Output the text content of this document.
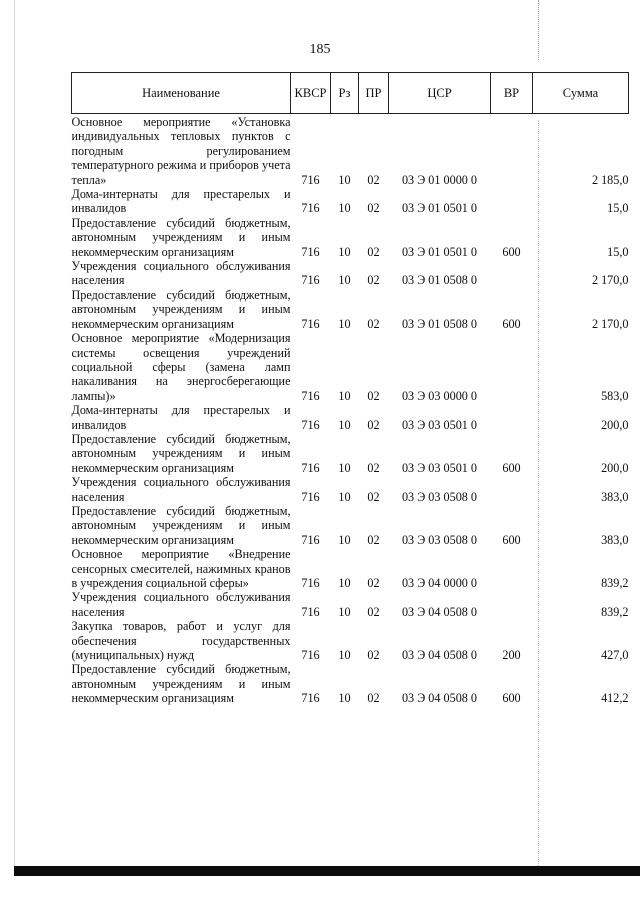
185
Наименование	КВСР	Рз	ПР	ЦСР	ВР	Сумма
Основное мероприятие «Установка индивидуальных тепловых пунктов с погодным регулированием температурного режима и приборов учета тепла»	716	10	02	03 Э 01 0000 0		2 185,0
Дома-интернаты для престарелых и инвалидов	716	10	02	03 Э 01 0501 0		15,0
Предоставление субсидий бюджетным, автономным учреждениям и иным некоммерческим организациям	716	10	02	03 Э 01 0501 0	600	15,0
Учреждения социального обслуживания населения	716	10	02	03 Э 01 0508 0		2 170,0
Предоставление субсидий бюджетным, автономным учреждениям и иным некоммерческим организациям	716	10	02	03 Э 01 0508 0	600	2 170,0
Основное мероприятие «Модернизация системы освещения учреждений социальной сферы (замена ламп накаливания на энергосберегающие лампы)»	716	10	02	03 Э 03 0000 0		583,0
Дома-интернаты для престарелых и инвалидов	716	10	02	03 Э 03 0501 0		200,0
Предоставление субсидий бюджетным, автономным учреждениям и иным некоммерческим организациям	716	10	02	03 Э 03 0501 0	600	200,0
Учреждения социального обслуживания населения	716	10	02	03 Э 03 0508 0		383,0
Предоставление субсидий бюджетным, автономным учреждениям и иным некоммерческим организациям	716	10	02	03 Э 03 0508 0	600	383,0
Основное мероприятие «Внедрение сенсорных смесителей, нажимных кранов в учреждения социальной сферы»	716	10	02	03 Э 04 0000 0		839,2
Учреждения социального обслуживания населения	716	10	02	03 Э 04 0508 0		839,2
Закупка товаров, работ и услуг для обеспечения государственных (муниципальных) нужд	716	10	02	03 Э 04 0508 0	200	427,0
Предоставление субсидий бюджетным, автономным учреждениям и иным некоммерческим организациям	716	10	02	03 Э 04 0508 0	600	412,2
